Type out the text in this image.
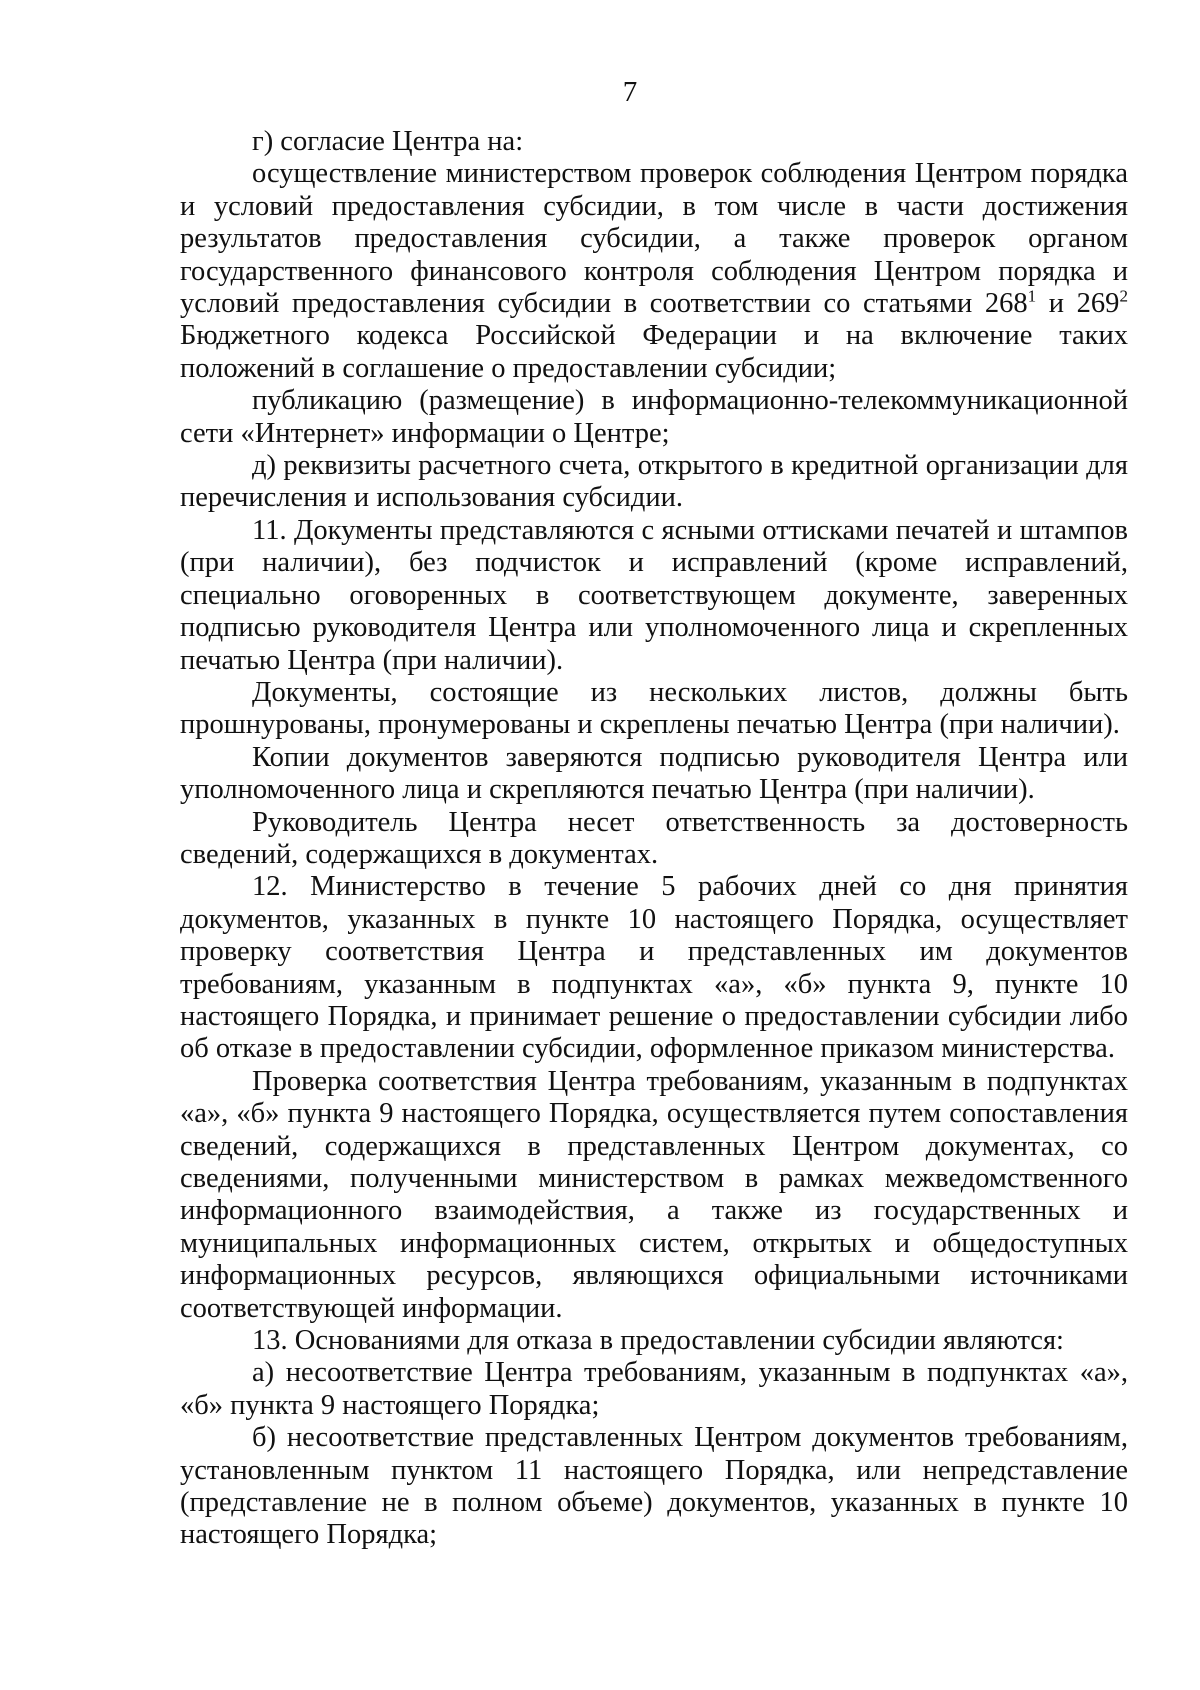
7

г) согласие Центра на:

осуществление министерством проверок соблюдения Центром порядка и условий предоставления субсидии, в том числе в части достижения результатов предоставления субсидии, а также проверок органом государственного финансового контроля соблюдения Центром порядка и условий предоставления субсидии в соответствии со статьями $268^1$ и $269^2$ Бюджетного кодекса Российской Федерации и на включение таких положений в соглашение о предоставлении субсидии;

публикацию (размещение) в информационно-телекоммуникационной сети «Интернет» информации о Центре;

д) реквизиты расчетного счета, открытого в кредитной организации для перечисления и использования субсидии.

11. Документы представляются с ясными оттисками печатей и штампов (при наличии), без подчисток и исправлений (кроме исправлений, специально оговоренных в соответствующем документе, заверенных подписью руководителя Центра или уполномоченного лица и скрепленных печатью Центра (при наличии).

Документы, состоящие из нескольких листов, должны быть прошнурованы, пронумерованы и скреплены печатью Центра (при наличии).

Копии документов заверяются подписью руководителя Центра или уполномоченного лица и скрепляются печатью Центра (при наличии).

Руководитель Центра несет ответственность за достоверность сведений, содержащихся в документах.

12. Министерство в течение 5 рабочих дней со дня принятия документов, указанных в пункте 10 настоящего Порядка, осуществляет проверку соответствия Центра и представленных им документов требованиям, указанным в подпунктах «а», «б» пункта 9, пункте 10 настоящего Порядка, и принимает решение о предоставлении субсидии либо об отказе в предоставлении субсидии, оформленное приказом министерства.

Проверка соответствия Центра требованиям, указанным в подпунктах «а», «б» пункта 9 настоящего Порядка, осуществляется путем сопоставления сведений, содержащихся в представленных Центром документах, со сведениями, полученными министерством в рамках межведомственного информационного взаимодействия, а также из государственных и муниципальных информационных систем, открытых и общедоступных информационных ресурсов, являющихся официальными источниками соответствующей информации.

13. Основаниями для отказа в предоставлении субсидии являются:

а) несоответствие Центра требованиям, указанным в подпунктах «а», «б» пункта 9 настоящего Порядка;

б) несоответствие представленных Центром документов требованиям, установленным пунктом 11 настоящего Порядка, или непредставление (представление не в полном объеме) документов, указанных в пункте 10 настоящего Порядка;
